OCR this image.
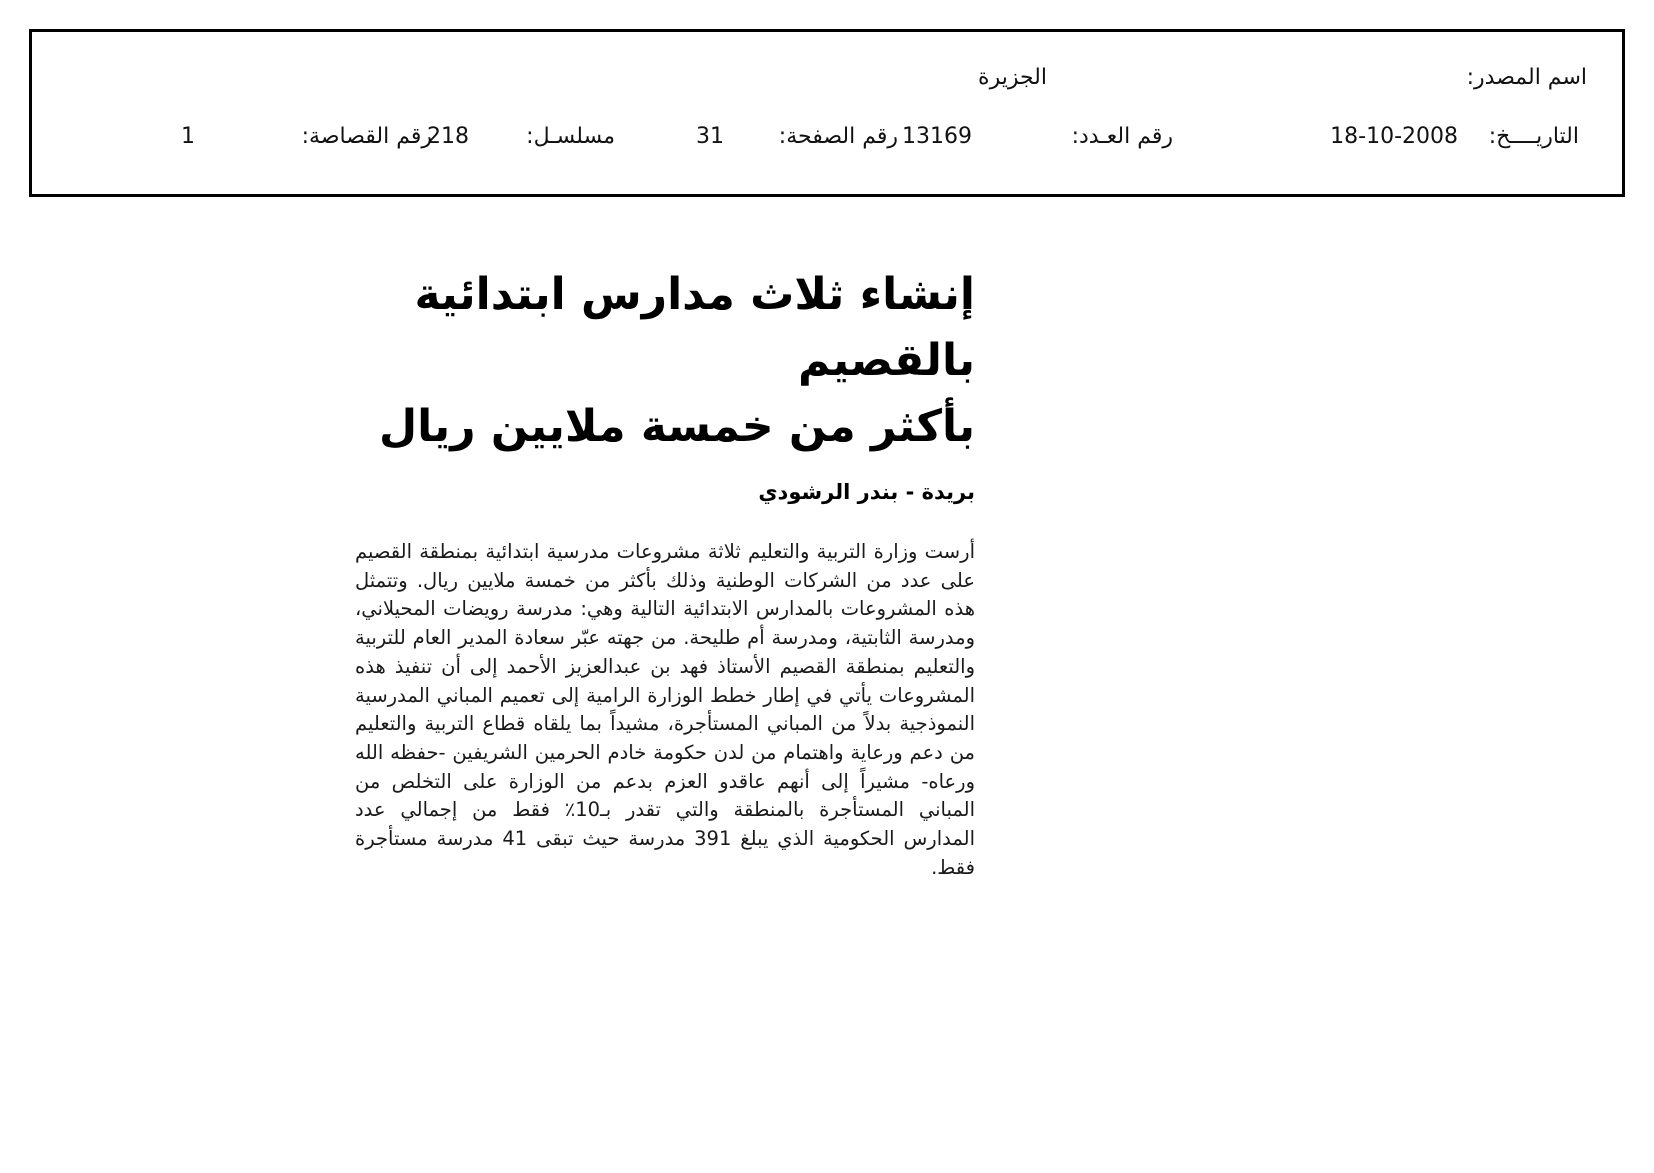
اسم المصدر:
الجزيرة
التاريــــخ:
18-10-2008
رقم العـدد:
13169
رقم الصفحة:
31
مسلسـل:
218
رقم القصاصة:
1
إنشاء ثلاث مدارس ابتدائية بالقصيم
بأكثر من خمسة ملايين ريال
بريدة - بندر الرشودي
أرست وزارة التربية والتعليم ثلاثة مشروعات مدرسية ابتدائية بمنطقة القصيم على عدد من الشركات الوطنية وذلك بأكثر من خمسة ملايين ريال. وتتمثل هذه المشروعات بالمدارس الابتدائية التالية وهي: مدرسة رويضات المحيلاني، ومدرسة الثابتية، ومدرسة أم طليحة. من جهته عبّر سعادة المدير العام للتربية والتعليم بمنطقة القصيم الأستاذ فهد بن عبدالعزيز الأحمد إلى أن تنفيذ هذه المشروعات يأتي في إطار خطط الوزارة الرامية إلى تعميم المباني المدرسية النموذجية بدلاً من المباني المستأجرة، مشيداً بما يلقاه قطاع التربية والتعليم من دعم ورعاية واهتمام من لدن حكومة خادم الحرمين الشريفين -حفظه الله ورعاه- مشيراً إلى أنهم عاقدو العزم بدعم من الوزارة على التخلص من المباني المستأجرة بالمنطقة والتي تقدر بـ10٪ فقط من إجمالي عدد المدارس الحكومية الذي يبلغ 391 مدرسة حيث تبقى 41 مدرسة مستأجرة فقط.
